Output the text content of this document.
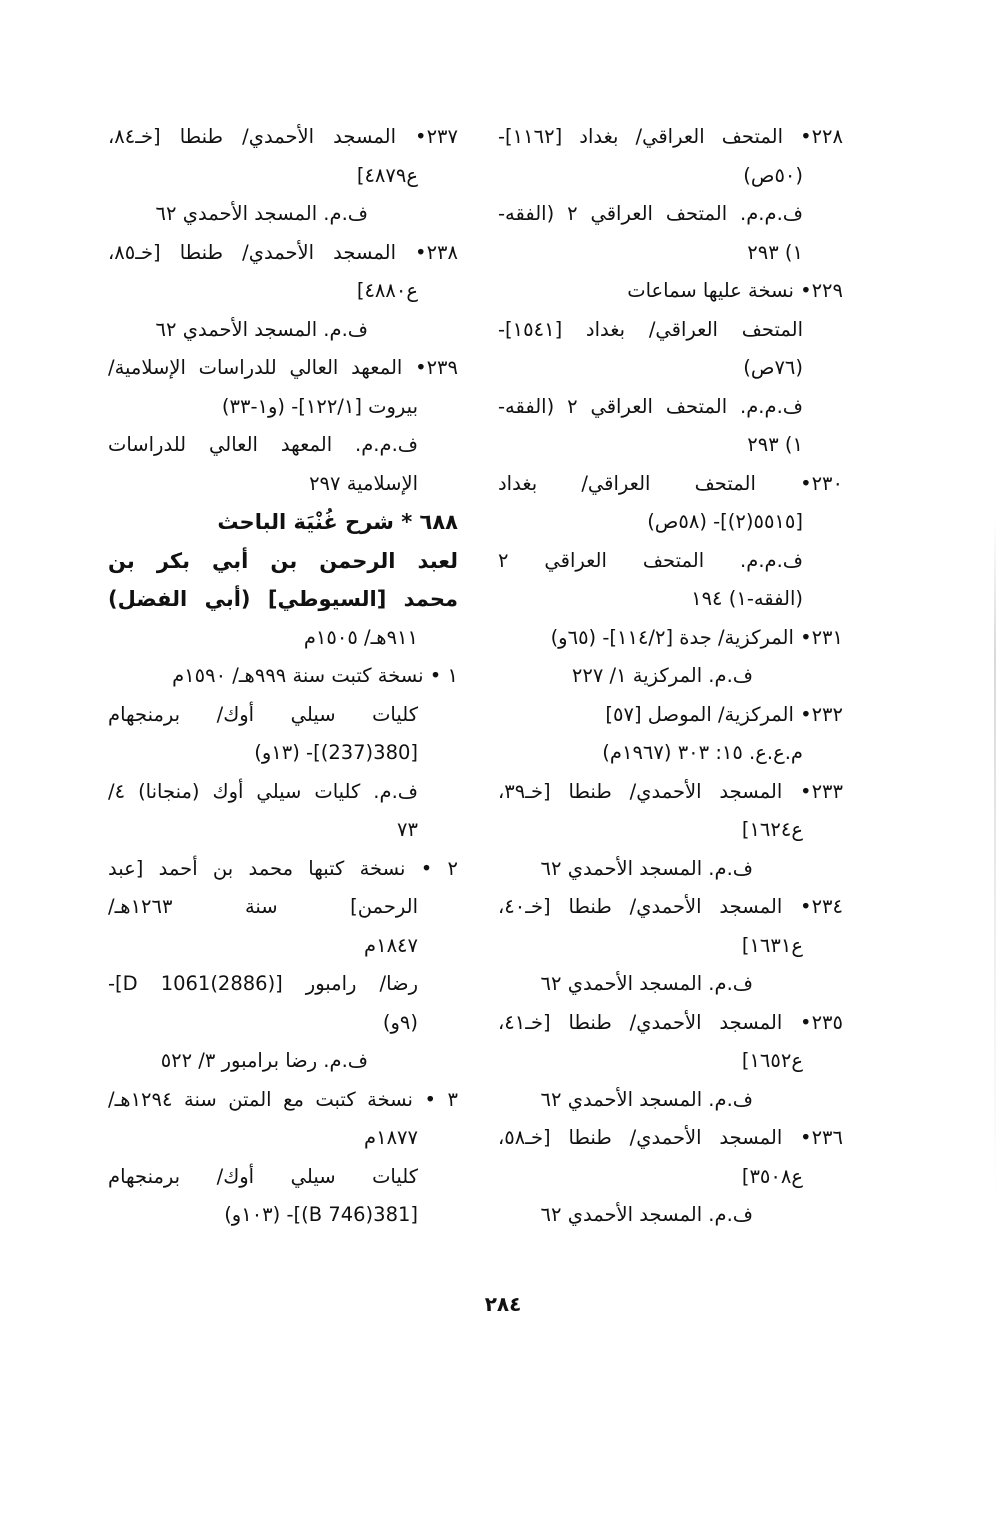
٢٢٨• المتحف العراقي/ بغداد [١١٦٢]-
(٥٠ص)
ف.م.م. المتحف العراقي ٢ (الفقه-
١) ٢٩٣
٢٢٩• نسخة عليها سماعات
المتحف العراقي/ بغداد [١٥٤١]-
(٧٦ص)
ف.م.م. المتحف العراقي ٢ (الفقه-
١) ٢٩٣
٢٣٠• المتحف العراقي/ بغداد
[٥٥١٥(٢)]- (٥٨ص)
ف.م.م. المتحف العراقي ٢
(الفقه-١) ١٩٤
٢٣١• المركزية/ جدة [١١٤/٢]- (٦٥و)
ف.م. المركزية ١/ ٢٢٧
٢٣٢• المركزية/ الموصل [٥٧]
م.ع.ع. ١٥: ٣٠٣ (١٩٦٧م)
٢٣٣• المسجد الأحمدي/ طنطا [خـ٣٩،
ع١٦٢٤]
ف.م. المسجد الأحمدي ٦٢
٢٣٤• المسجد الأحمدي/ طنطا [خـ٤٠،
ع١٦٣١]
ف.م. المسجد الأحمدي ٦٢
٢٣٥• المسجد الأحمدي/ طنطا [خـ٤١،
ع١٦٥٢]
ف.م. المسجد الأحمدي ٦٢
٢٣٦• المسجد الأحمدي/ طنطا [خـ٥٨،
ع٣٥٠٨]
ف.م. المسجد الأحمدي ٦٢
٢٣٧• المسجد الأحمدي/ طنطا [خـ٨٤،
ع٤٨٧٩]
ف.م. المسجد الأحمدي ٦٢
٢٣٨• المسجد الأحمدي/ طنطا [خـ٨٥،
ع٤٨٨٠]
ف.م. المسجد الأحمدي ٦٢
٢٣٩• المعهد العالي للدراسات الإسلامية/
بيروت [١٢٢/١]- (و١-٣٣)
ف.م.م. المعهد العالي للدراسات
الإسلامية ٢٩٧
٦٨٨ * شرح غُنْيَة الباحث
لعبد الرحمن بن أبي بكر بن
محمد [السيوطي] (أبي الفضل)
٩١١هـ/ ١٥٠٥م
١ • نسخة كتبت سنة ٩٩٩هـ/ ١٥٩٠م
كليات سيلي أوك/ برمنجهام
[380(237)]- (١٣و)
ف.م. كليات سيلي أوك (منجانا) ٤/
٧٣
٢ • نسخة كتبها محمد بن أحمد [عبد
الرحمن] سنة ١٢٦٣هـ/
١٨٤٧م
رضا/ رامبور [D 1061(2886)]-
(٩و)
ف.م. رضا برامبور ٣/ ٥٢٢
٣ • نسخة كتبت مع المتن سنة ١٢٩٤هـ/
١٨٧٧م
كليات سيلي أوك/ برمنجهام
[381(746 B)]- (١٠٣و)
٢٨٤
